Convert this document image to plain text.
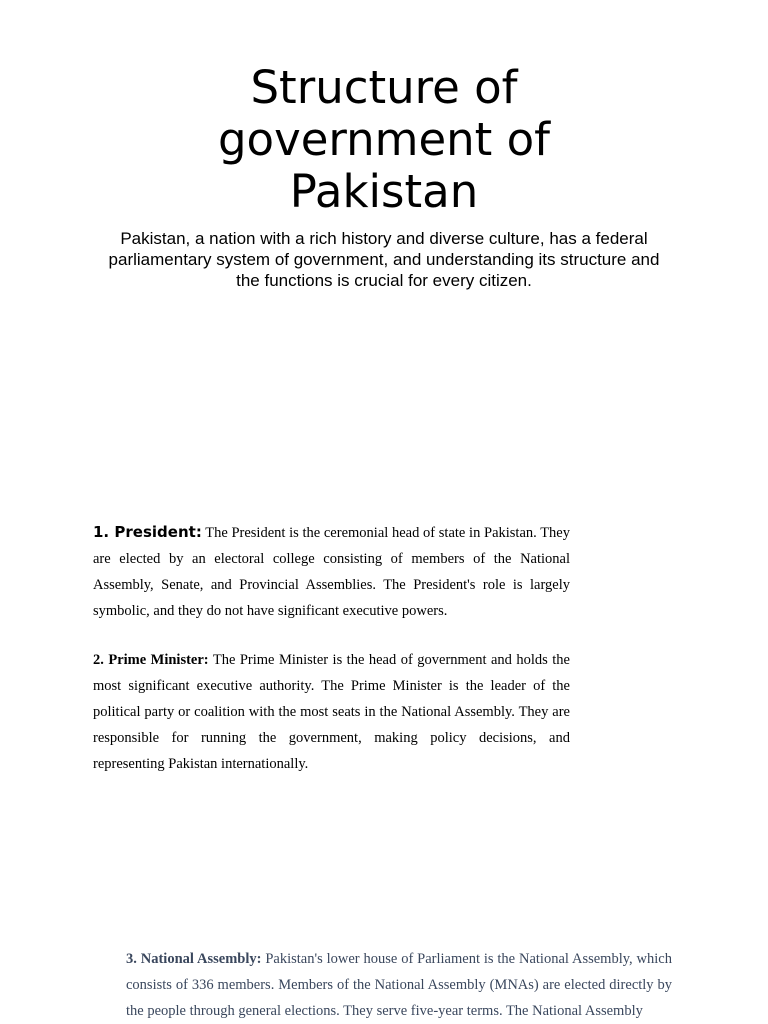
Structure of government of Pakistan

Pakistan, a nation with a rich history and diverse culture, has a federal parliamentary system of government, and understanding its structure and the functions is crucial for every citizen.

1. President: The President is the ceremonial head of state in Pakistan. They are elected by an electoral college consisting of members of the National Assembly, Senate, and Provincial Assemblies. The President's role is largely symbolic, and they do not have significant executive powers.

2. Prime Minister: The Prime Minister is the head of government and holds the most significant executive authority. The Prime Minister is the leader of the political party or coalition with the most seats in the National Assembly. They are responsible for running the government, making policy decisions, and representing Pakistan internationally.

3. National Assembly: Pakistan's lower house of Parliament is the National Assembly, which consists of 336 members. Members of the National Assembly (MNAs) are elected directly by the people through general elections. They serve five-year terms. The National Assembly
